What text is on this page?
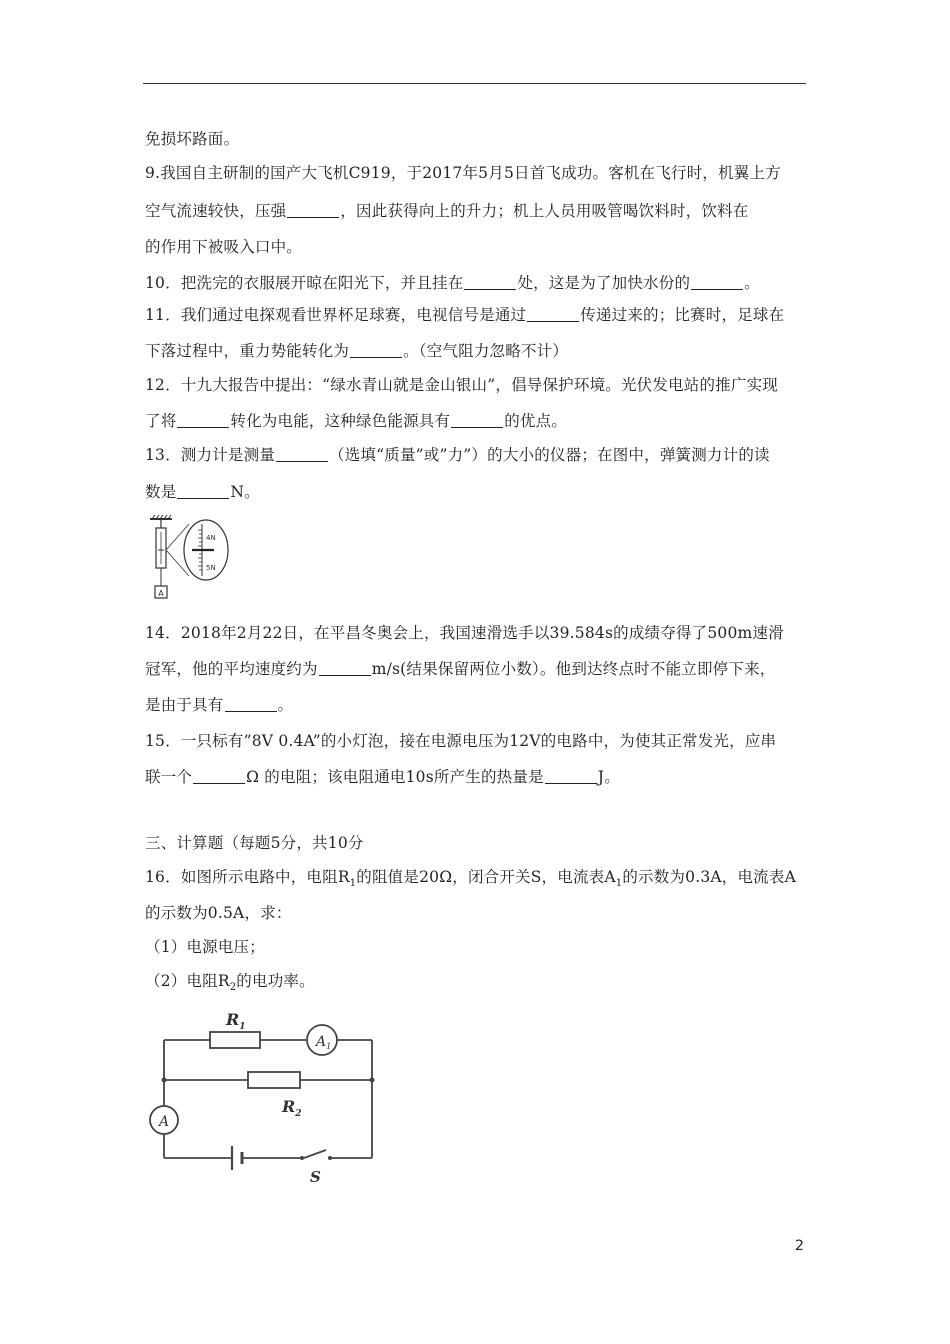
免损坏路面。
9.我国自主研制的国产大飞机C919，于2017年5月5日首飞成功。客机在飞行时，机翼上方
空气流速较快，压强	，因此获得向上的升力；机上人员用吸管喝饮料时，饮料在
的作用下被吸入口中。
10．把洗完的衣服展开晾在阳光下，并且挂在	处，这是为了加快水份的	。
11．我们通过电探观看世界杯足球赛，电视信号是通过	传递过来的；比赛时，足球在
下落过程中，重力势能转化为	。（空气阻力忽略不计）
12．十九大报告中提出：“绿水青山就是金山银山”，倡导保护环境。光伏发电站的推广实现
了将	转化为电能，这种绿色能源具有	的优点。
13．测力计是测量	（选填“质量”或”力”）的大小的仪器；在图中，弹簧测力计的读
数是	N。
A
4N
5N
14．2018年2月22日，在平昌冬奥会上，我国速滑选手以39.584s的成绩夺得了500m速滑
冠军，他的平均速度约为	m/s(结果保留两位小数）。他到达终点时不能立即停下来，
是由于具有	。
15．一只标有”8V 0.4A”的小灯泡，接在电源电压为12V的电路中，为使其正常发光，应串
联一个	Ω 的电阻；该电阻通电10s所产生的热量是	J。
三、计算题（每题5分，共10分
16．如图所示电路中，电阻$R_1$的阻值是20Ω，闭合开关S，电流表$A_1$的示数为0.3A，电流表A
的示数为0.5A，求：
（1）电源电压；
（2）电阻$R_2$的电功率。
$R_1$
$R_2$
$A_1$
A
S
2
